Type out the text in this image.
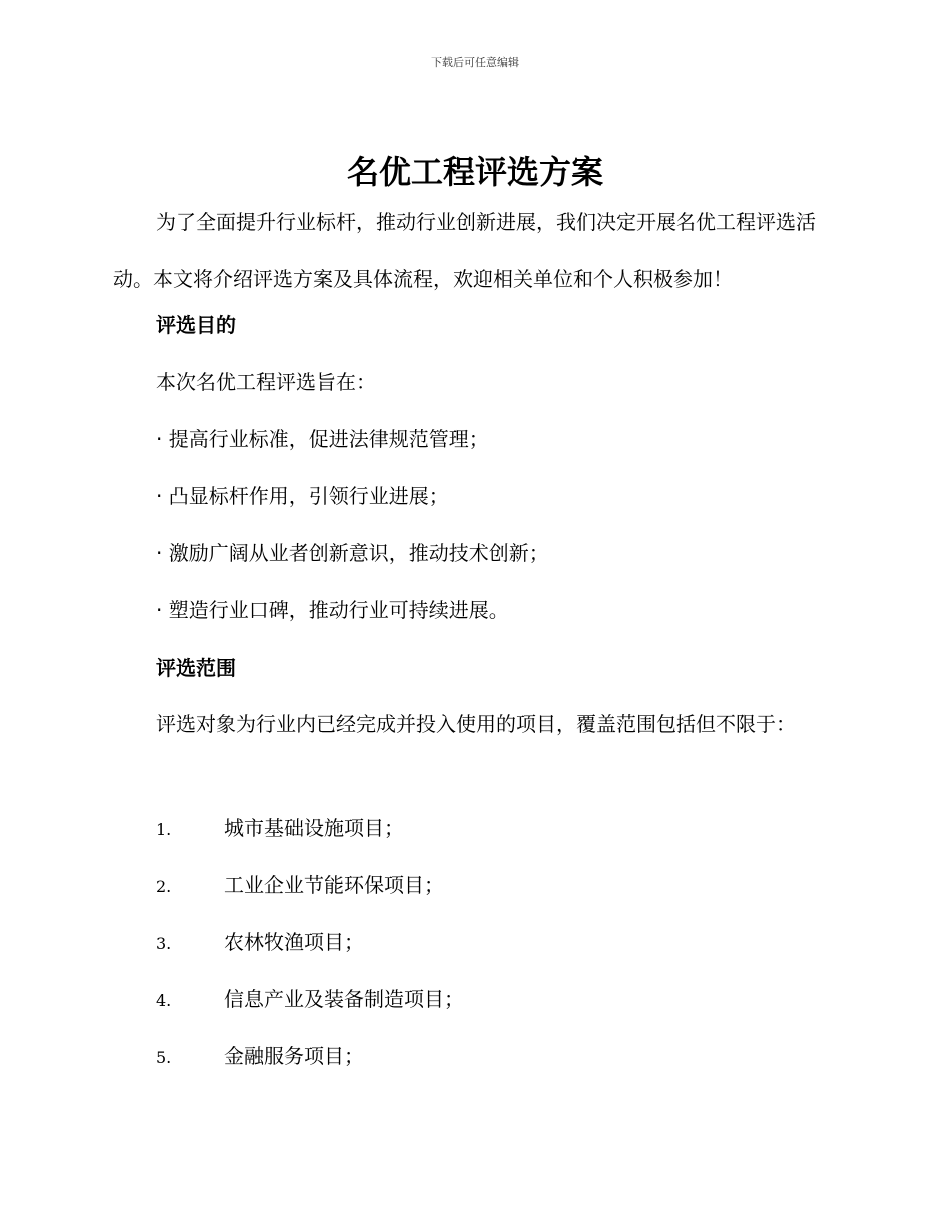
下载后可任意编辑
名优工程评选方案

为了全面提升行业标杆，推动行业创新进展，我们决定开展名优工程评选活动。本文将介绍评选方案及具体流程，欢迎相关单位和个人积极参加！

评选目的
本次名优工程评选旨在：
· 提高行业标准，促进法律规范管理；
· 凸显标杆作用，引领行业进展；
· 激励广阔从业者创新意识，推动技术创新；
· 塑造行业口碑，推动行业可持续进展。
评选范围

评选对象为行业内已经完成并投入使用的项目，覆盖范围包括但不限于：

1.	城市基础设施项目；
2.	工业企业节能环保项目；
3.	农林牧渔项目；
4.	信息产业及装备制造项目；
5.	金融服务项目；
